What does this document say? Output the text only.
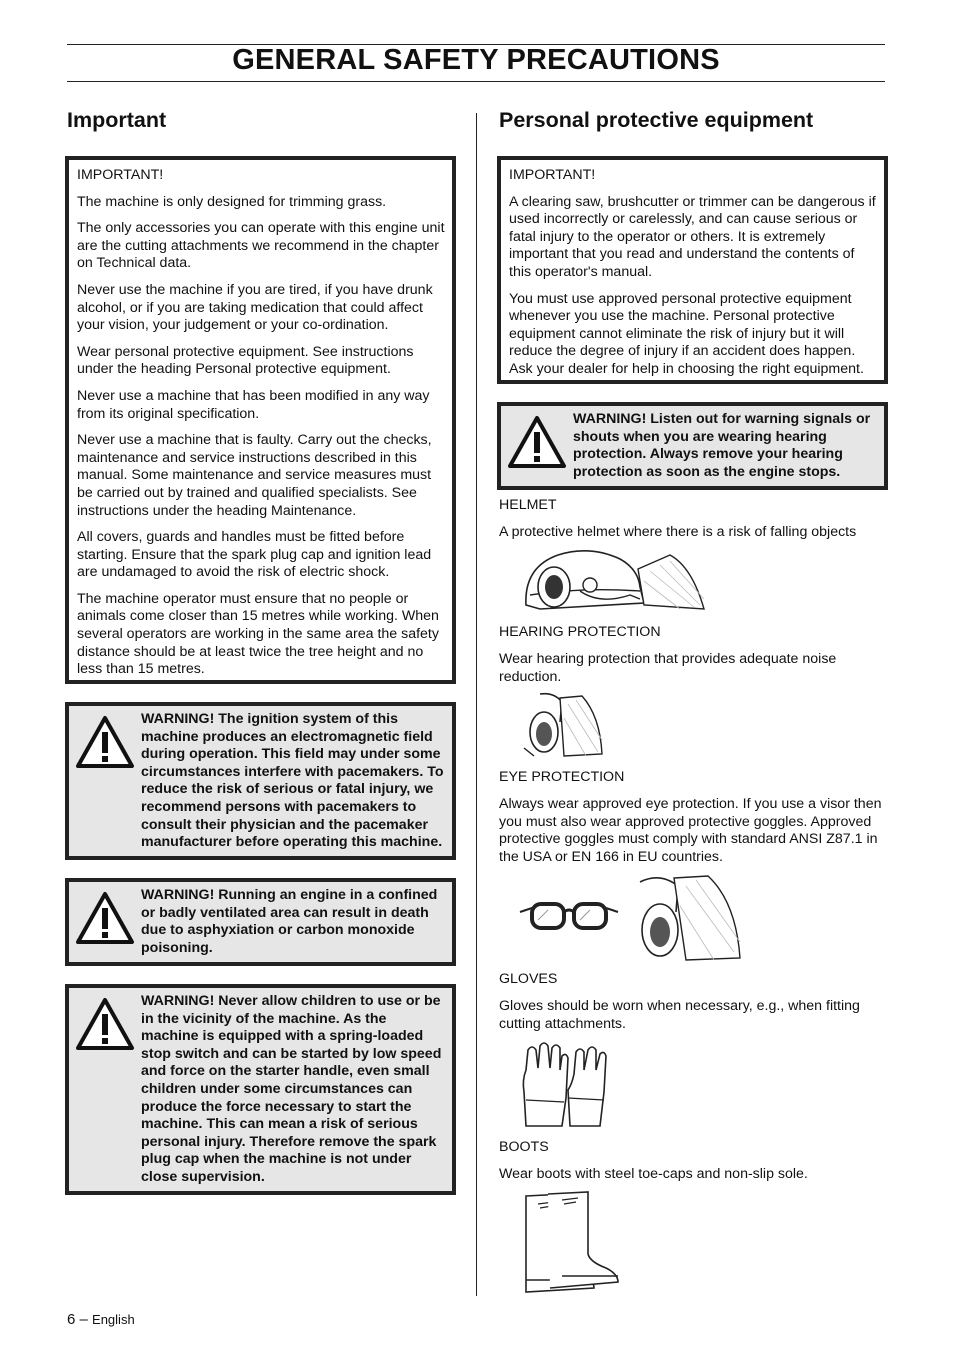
GENERAL SAFETY PRECAUTIONS
Important

IMPORTANT!

The machine is only designed for trimming grass.

The only accessories you can operate with this engine unit are the cutting attachments we recommend in the chapter on Technical data.

Never use the machine if you are tired, if you have drunk alcohol, or if you are taking medication that could affect your vision, your judgement or your co-ordination.

Wear personal protective equipment. See instructions under the heading Personal protective equipment.

Never use a machine that has been modified in any way from its original specification.

Never use a machine that is faulty. Carry out the checks, maintenance and service instructions described in this manual. Some maintenance and service measures must be carried out by trained and qualified specialists. See instructions under the heading Maintenance.

All covers, guards and handles must be fitted before starting. Ensure that the spark plug cap and ignition lead are undamaged to avoid the risk of electric shock.

The machine operator must ensure that no people or animals come closer than 15 metres while working. When several operators are working in the same area the safety distance should be at least twice the tree height and no less than 15 metres.

WARNING! The ignition system of this machine produces an electromagnetic field during operation. This field may under some circumstances interfere with pacemakers. To reduce the risk of serious or fatal injury, we recommend persons with pacemakers to consult their physician and the pacemaker manufacturer before operating this machine.
WARNING! Running an engine in a confined or badly ventilated area can result in death due to asphyxiation or carbon monoxide poisoning.
WARNING! Never allow children to use or be in the vicinity of the machine. As the machine is equipped with a spring-loaded stop switch and can be started by low speed and force on the starter handle, even small children under some circumstances can produce the force necessary to start the machine. This can mean a risk of serious personal injury. Therefore remove the spark plug cap when the machine is not under close supervision.
Personal protective equipment

IMPORTANT!

A clearing saw, brushcutter or trimmer can be dangerous if used incorrectly or carelessly, and can cause serious or fatal injury to the operator or others. It is extremely important that you read and understand the contents of this operator's manual.

You must use approved personal protective equipment whenever you use the machine. Personal protective equipment cannot eliminate the risk of injury but it will reduce the degree of injury if an accident does happen. Ask your dealer for help in choosing the right equipment.

WARNING! Listen out for warning signals or shouts when you are wearing hearing protection. Always remove your hearing protection as soon as the engine stops.
HELMET
A protective helmet where there is a risk of falling objects
HEARING PROTECTION
Wear hearing protection that provides adequate noise reduction.
EYE PROTECTION
Always wear approved eye protection. If you use a visor then you must also wear approved protective goggles. Approved protective goggles must comply with standard ANSI Z87.1 in the USA or EN 166 in EU countries.
GLOVES
Gloves should be worn when necessary, e.g., when fitting cutting attachments.
BOOTS
Wear boots with steel toe-caps and non-slip sole.
6 – English
